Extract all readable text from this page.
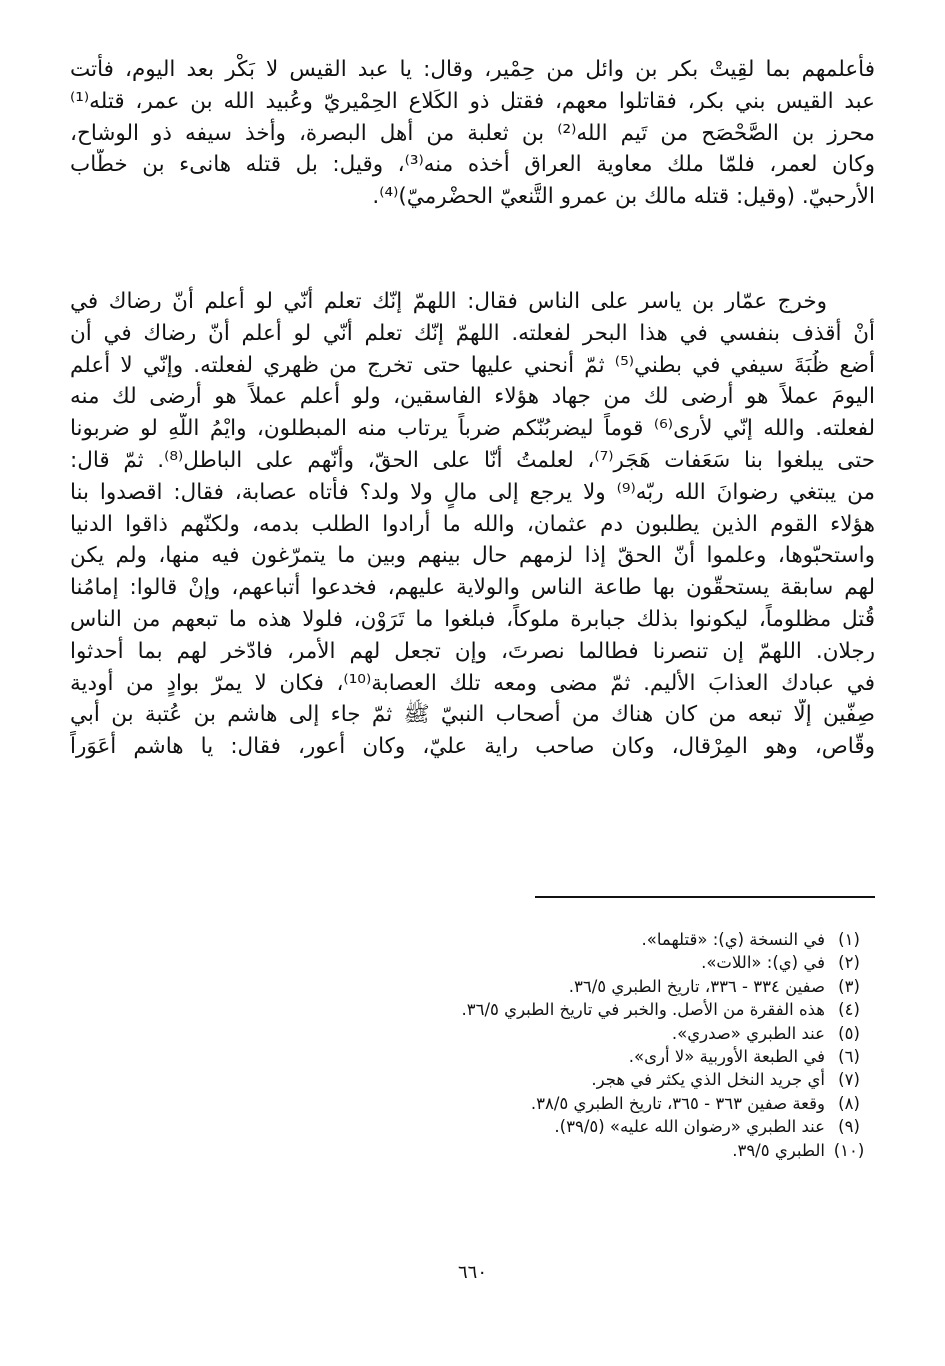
فأعلمهم بما لقِيتْ بكر بن وائل من حِمْير، وقال: يا عبد القيس لا بَكْر بعد اليوم، فأتت
عبد القيس بني بكر، فقاتلوا معهم، فقتل ذو الكَلاع الحِمْيريّ وعُبيد الله بن عمر، قتله⁽¹⁾
محرز بن الصَّحْصَح من تَيم الله⁽²⁾ بن ثعلبة من أهل البصرة، وأخذ سيفه ذو الوشاح،
وكان لعمر، فلمّا ملك معاوية العراق أخذه منه⁽³⁾، وقيل: بل قتله هانىء بن خطّاب
الأرحبيّ. (وقيل: قتله مالك بن عمرو التَّنعيّ الحضْرميّ)⁽⁴⁾.
وخرج عمّار بن ياسر على الناس فقال: اللهمّ إنّك تعلم أنّي لو أعلم أنّ رضاك في
أنْ أقذف بنفسي في هذا البحر لفعلته. اللهمّ إنّك تعلم أنّي لو أعلم أنّ رضاك في أن
أضع ظُبَةَ سيفي في بطني⁽⁵⁾ ثمّ أنحني عليها حتى تخرج من ظهري لفعلته. وإنّي لا أعلم
اليومَ عملاً هو أرضى لك من جهاد هؤلاء الفاسقين، ولو أعلم عملاً هو أرضى لك منه
لفعلته. والله إنّي لأرى⁽⁶⁾ قوماً ليضربُنّكم ضرباً يرتاب منه المبطلون، وايْمُ اللّهِ لو ضربونا
حتى يبلغوا بنا سَعَفات هَجَر⁽⁷⁾، لعلمتُ أنّا على الحقّ، وأنّهم على الباطل⁽⁸⁾. ثمّ قال:
من يبتغي رضوانَ الله ربّه⁽⁹⁾ ولا يرجع إلى مالٍ ولا ولد؟ فأتاه عصابة، فقال: اقصدوا بنا
هؤلاء القوم الذين يطلبون دم عثمان، والله ما أرادوا الطلب بدمه، ولكنّهم ذاقوا الدنيا
واستحبّوها، وعلموا أنّ الحقّ إذا لزمهم حال بينهم وبين ما يتمرّغون فيه منها، ولم يكن
لهم سابقة يستحقّون بها طاعة الناس والولاية عليهم، فخدعوا أتباعهم، وإنْ قالوا: إمامُنا
قُتل مظلوماً، ليكونوا بذلك جبابرة ملوكاً، فبلغوا ما تَرَوْن، فلولا هذه ما تبعهم من الناس
رجلان. اللهمّ إن تنصرنا فطالما نصرتَ، وإن تجعل لهم الأمر، فادّخر لهم بما أحدثوا
في عبادك العذابَ الأليم. ثمّ مضى ومعه تلك العصابة⁽¹⁰⁾، فكان لا يمرّ بوادٍ من أودية
صِفّين إلّا تبعه من كان هناك من أصحاب النبيّ ﷺ ثمّ جاء إلى هاشم بن عُتبة بن أبي
وقّاص، وهو المِرْقال، وكان صاحب راية عليّ، وكان أعور، فقال: يا هاشم أعَوَراً
(١)
في النسخة (ي): «قتلهما».
(٢)
في (ي): «اللات».
(٣)
صفين ٣٣٤ - ٣٣٦، تاريخ الطبري ٣٦/٥.
(٤)
هذه الفقرة من الأصل. والخبر في تاريخ الطبري ٣٦/٥.
(٥)
عند الطبري «صدري».
(٦)
في الطبعة الأوربية «لا أرى».
(٧)
أي جريد النخل الذي يكثر في هجر.
(٨)
وقعة صفين ٣٦٣ - ٣٦٥، تاريخ الطبري ٣٨/٥.
(٩)
عند الطبري «رضوان الله عليه» (٣٩/٥).
(١٠)
الطبري ٣٩/٥.
٦٦٠
